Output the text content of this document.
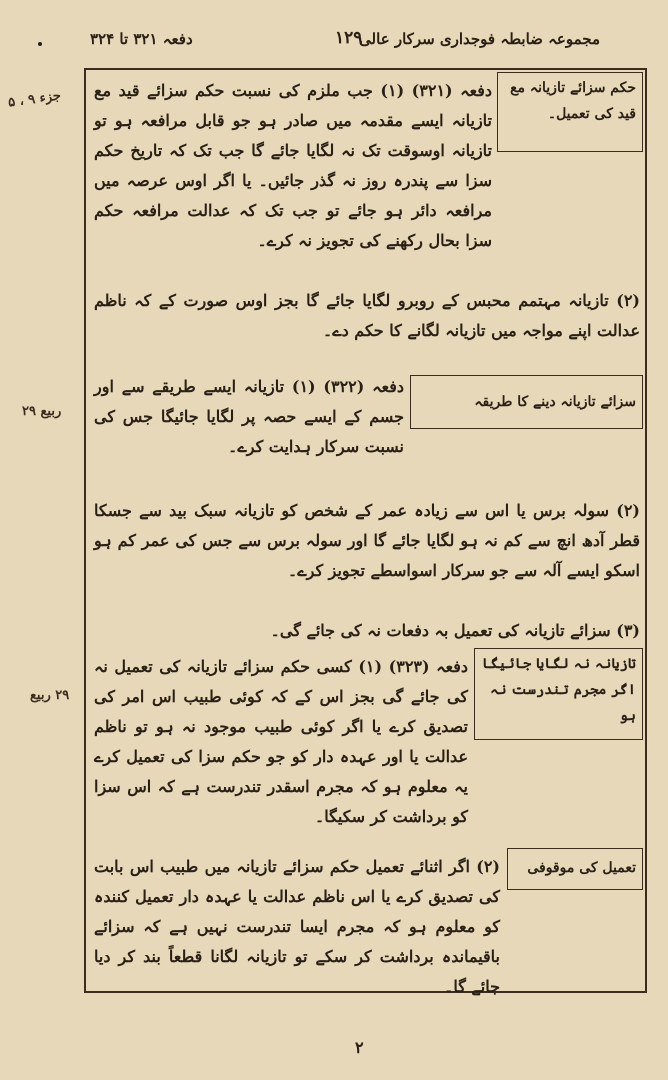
مجموعہ ضابطہ فوجداری سرکار عالی
۱۲۹
دفعہ ۳۲۱ تا ۳۲۴
جزء ۹ ، ۵
ربیع ۲۹
۲۹ ربیع
حکم سزائے تازیانہ مع قید کی تعمیل۔
دفعہ (۳۲۱) (۱) جب ملزم کی نسبت حکم سزائے قید مع تازیانہ ایسے مقدمہ میں صادر ہو جو قابل مرافعہ ہو تو تازیانہ اوسوقت تک نہ لگایا جائے گا جب تک کہ تاریخ حکم سزا سے پندرہ روز نہ گذر جائیں۔ یا اگر اوس عرصہ میں مرافعہ دائر ہو جائے تو جب تک کہ عدالت مرافعہ حکم سزا بحال رکھنے کی تجویز نہ کرے۔
(۲) تازیانہ مہتمم محبس کے روبرو لگایا جائے گا بجز اوس صورت کے کہ ناظم عدالت اپنے مواجہ میں تازیانہ لگانے کا حکم دے۔
سزائے تازیانہ دینے کا طریقہ
دفعہ (۳۲۲) (۱) تازیانہ ایسے طریقے سے اور جسم کے ایسے حصہ پر لگایا جائیگا جس کی نسبت سرکار ہدایت کرے۔
(۲) سولہ برس یا اس سے زیادہ عمر کے شخص کو تازیانہ سبک بید سے جسکا قطر آدھ انچ سے کم نہ ہو لگایا جائے گا اور سولہ برس سے جس کی عمر کم ہو اسکو ایسے آلہ سے جو سرکار اسواسطے تجویز کرے۔
(۳) سزائے تازیانہ کی تعمیل بہ دفعات نہ کی جائے گی۔
تازیانہ نہ لگایا جائیگا اگر مجرم تندرست نہ ہو
دفعہ (۳۲۳) (۱) کسی حکم سزائے تازیانہ کی تعمیل نہ کی جائے گی بجز اس کے کہ کوئی طبیب اس امر کی تصدیق کرے یا اگر کوئی طبیب موجود نہ ہو تو ناظم عدالت یا اور عہدہ دار کو جو حکم سزا کی تعمیل کرے یہ معلوم ہو کہ مجرم اسقدر تندرست ہے کہ اس سزا کو برداشت کر سکیگا۔
تعمیل کی موقوفی
(۲) اگر اثنائے تعمیل حکم سزائے تازیانہ میں طبیب اس بابت کی تصدیق کرے یا اس ناظم عدالت یا عہدہ دار تعمیل کنندہ کو معلوم ہو کہ مجرم ایسا تندرست نہیں ہے کہ سزائے باقیماندہ برداشت کر سکے تو تازیانہ لگانا قطعاً بند کر دیا جائے گا۔
۲
